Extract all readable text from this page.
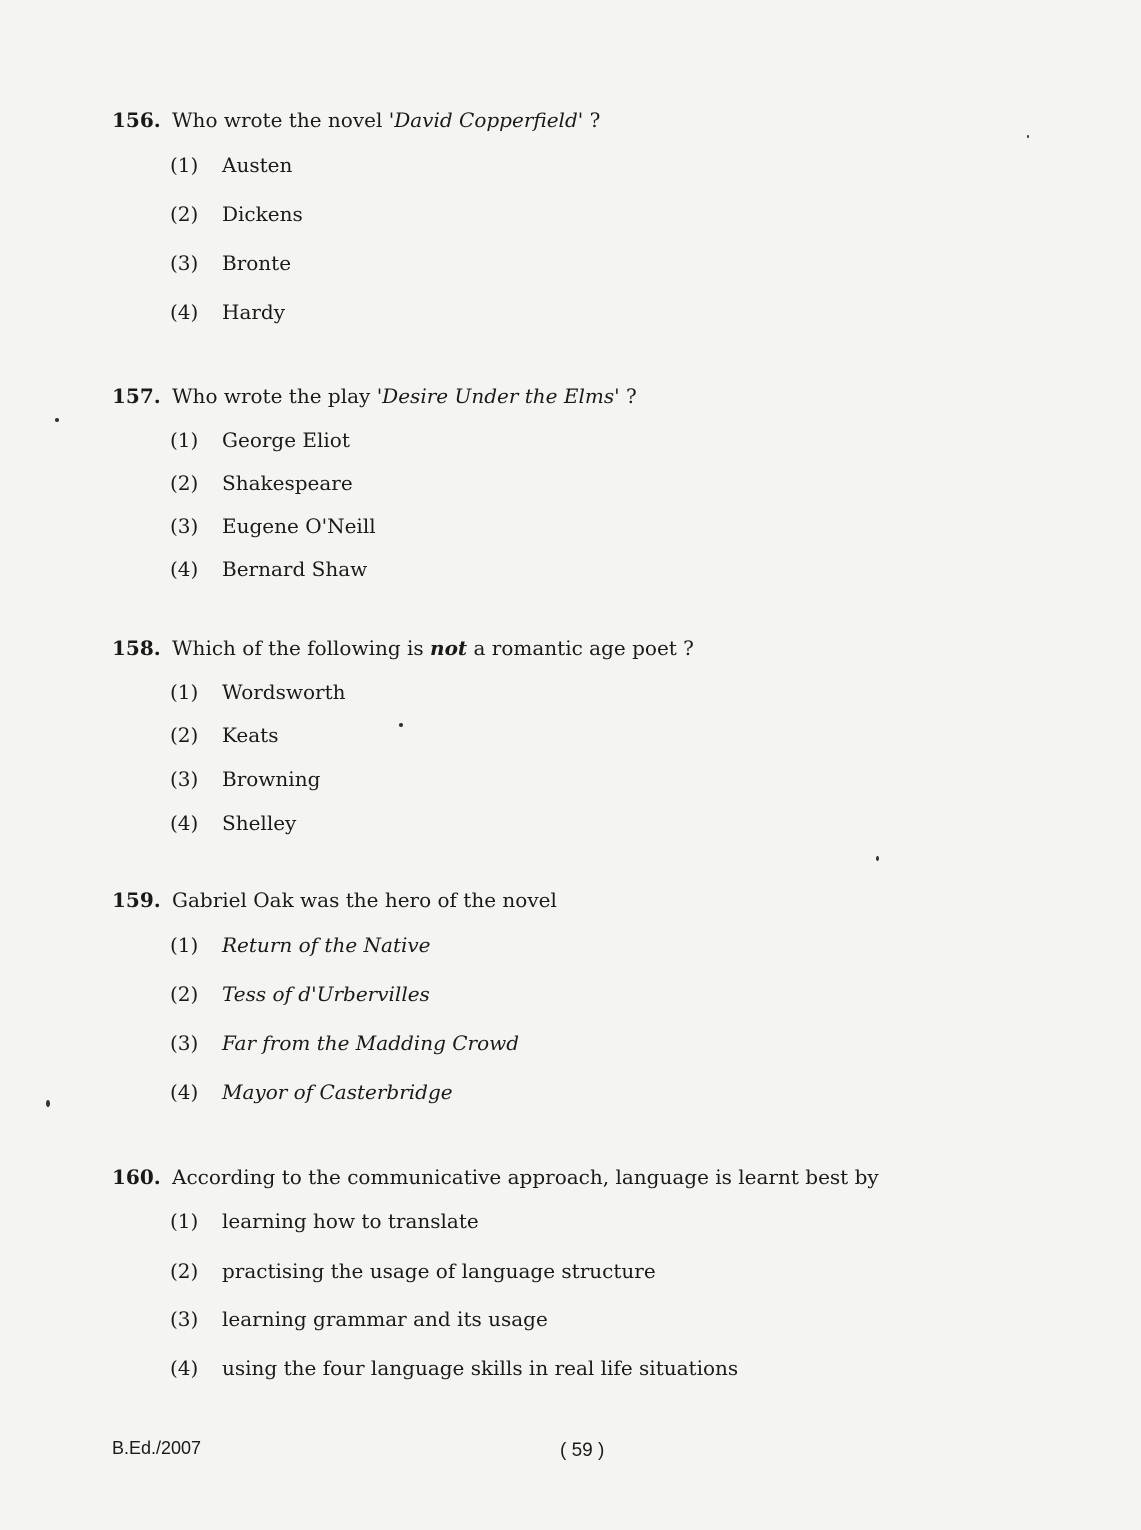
156. Who wrote the novel 'David Copperfield' ?
(1) Austen
(2) Dickens
(3) Bronte
(4) Hardy
157. Who wrote the play 'Desire Under the Elms' ?
(1) George Eliot
(2) Shakespeare
(3) Eugene O'Neill
(4) Bernard Shaw
158. Which of the following is not a romantic age poet ?
(1) Wordsworth
(2) Keats
(3) Browning
(4) Shelley
159. Gabriel Oak was the hero of the novel
(1) Return of the Native
(2) Tess of d'Urbervilles
(3) Far from the Madding Crowd
(4) Mayor of Casterbridge
160. According to the communicative approach, language is learnt best by
(1) learning how to translate
(2) practising the usage of language structure
(3) learning grammar and its usage
(4) using the four language skills in real life situations
B.Ed./2007	( 59 )
